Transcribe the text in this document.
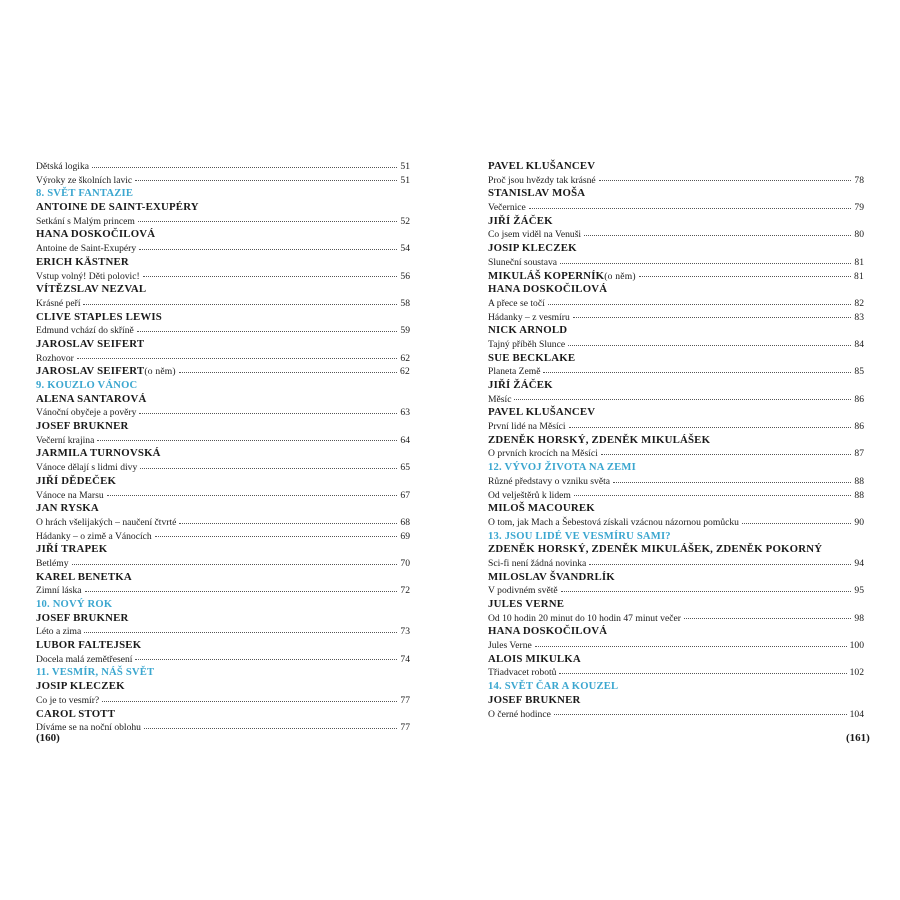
Dětská logika	51
Výroky ze školních lavic	51
8. SVĚT FANTAZIE
ANTOINE DE SAINT-EXUPÉRY
Setkání s Malým princem	52
HANA DOSKOČILOVÁ
Antoine de Saint-Exupéry	54
ERICH KÄSTNER
Vstup volný! Děti polovic!	56
VÍTĚZSLAV NEZVAL
Krásné peří	58
CLIVE STAPLES LEWIS
Edmund vchází do skříně	59
JAROSLAV SEIFERT
Rozhovor	62
JAROSLAV SEIFERT (o něm)	62
9. KOUZLO VÁNOC
ALENA SANTAROVÁ
Vánoční obyčeje a pověry	63
JOSEF BRUKNER
Večerní krajina	64
JARMILA TURNOVSKÁ
Vánoce dělají s lidmi divy	65
JIŘÍ DĚDEČEK
Vánoce na Marsu	67
JAN RYSKA
O hrách všelijakých – naučení čtvrté	68
Hádanky – o zimě a Vánocích	69
JIŘÍ TRAPEK
Betlémy	70
KAREL BENETKA
Zimní láska	72
10. NOVÝ ROK
JOSEF BRUKNER
Léto a zima	73
LUBOR FALTEJSEK
Docela malá zemětřesení	74
11. VESMÍR, NÁŠ SVĚT
JOSIP KLECZEK
Co je to vesmír?	77
CAROL STOTT
Díváme se na noční oblohu	77
PAVEL KLUŠANCEV
Proč jsou hvězdy tak krásné	78
STANISLAV MOŠA
Večernice	79
JIŘÍ ŽÁČEK
Co jsem viděl na Venuši	80
JOSIP KLECZEK
Sluneční soustava	81
MIKULÁŠ KOPERNÍK (o něm)	81
HANA DOSKOČILOVÁ
A přece se točí	82
Hádanky – z vesmíru	83
NICK ARNOLD
Tajný příběh Slunce	84
SUE BECKLAKE
Planeta Země	85
JIŘÍ ŽÁČEK
Měsíc	86
PAVEL KLUŠANCEV
První lidé na Měsíci	86
ZDENĚK HORSKÝ, ZDENĚK MIKULÁŠEK
O prvních krocích na Měsíci	87
12. VÝVOJ ŽIVOTA NA ZEMI
Různé představy o vzniku světa	88
Od velještěrů k lidem	88
MILOŠ MACOUREK
O tom, jak Mach a Šebestová získali vzácnou názornou pomůcku	90
13. JSOU LIDÉ VE VESMÍRU SAMI?
ZDENĚK HORSKÝ, ZDENĚK MIKULÁŠEK, ZDENĚK POKORNÝ
Sci-fi není žádná novinka	94
MILOSLAV ŠVANDRLÍK
V podivném světě	95
JULES VERNE
Od 10 hodin 20 minut do 10 hodin 47 minut večer	98
HANA DOSKOČILOVÁ
Jules Verne	100
ALOIS MIKULKA
Třiadvacet robotů	102
14. SVĚT ČAR A KOUZEL
JOSEF BRUKNER
O černé hodince	104
(160)	(161)
